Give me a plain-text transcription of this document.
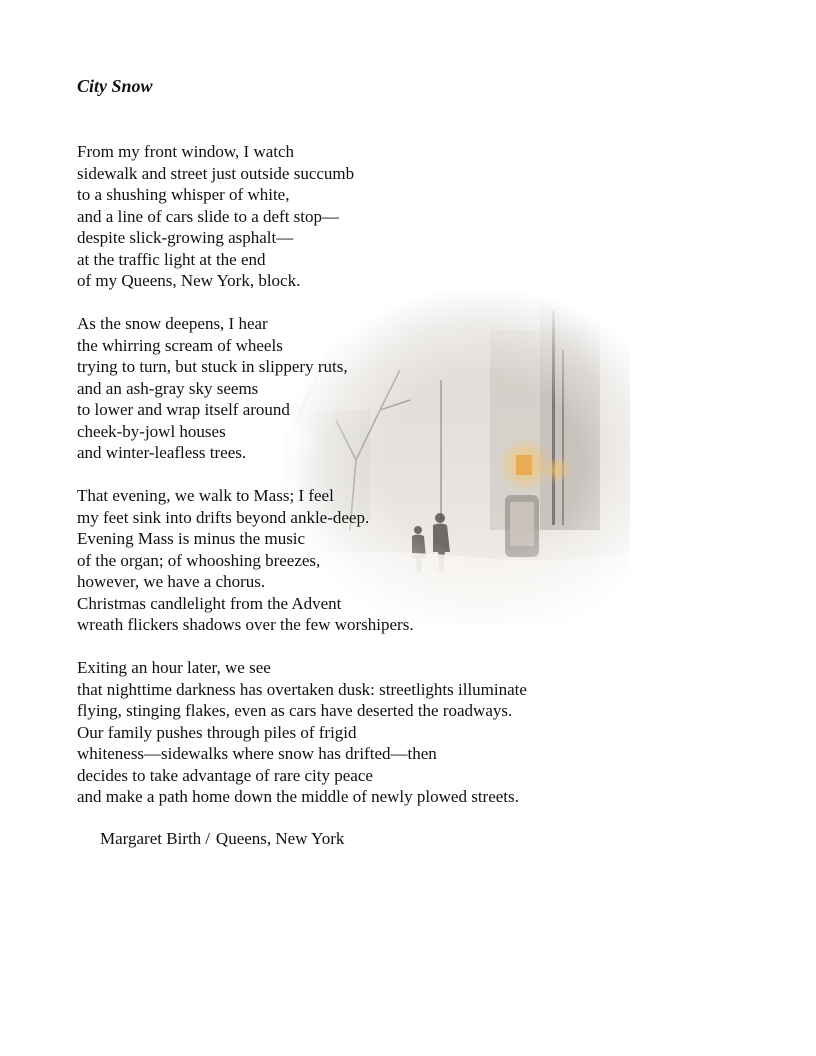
City Snow
From my front window, I watch
sidewalk and street just outside succumb
to a shushing whisper of white,
and a line of cars slide to a deft stop—
despite slick-growing asphalt—
at the traffic light at the end
of my Queens, New York, block.
As the snow deepens, I hear
the whirring scream of wheels
trying to turn, but stuck in slippery ruts,
and an ash-gray sky seems
to lower and wrap itself around
cheek-by-jowl houses
and winter-leafless trees.
That evening, we walk to Mass; I feel
my feet sink into drifts beyond ankle-deep.
Evening Mass is minus the music
of the organ; of whooshing breezes,
however, we have a chorus.
Christmas candlelight from the Advent
wreath flickers shadows over the few worshipers.
Exiting an hour later, we see
that nighttime darkness has overtaken dusk: streetlights illuminate
flying, stinging flakes, even as cars have deserted the roadways.
Our family pushes through piles of frigid
whiteness—sidewalks where snow has drifted—then
decides to take advantage of rare city peace
and make a path home down the middle of newly plowed streets.
Margaret Birth / Queens, New York
